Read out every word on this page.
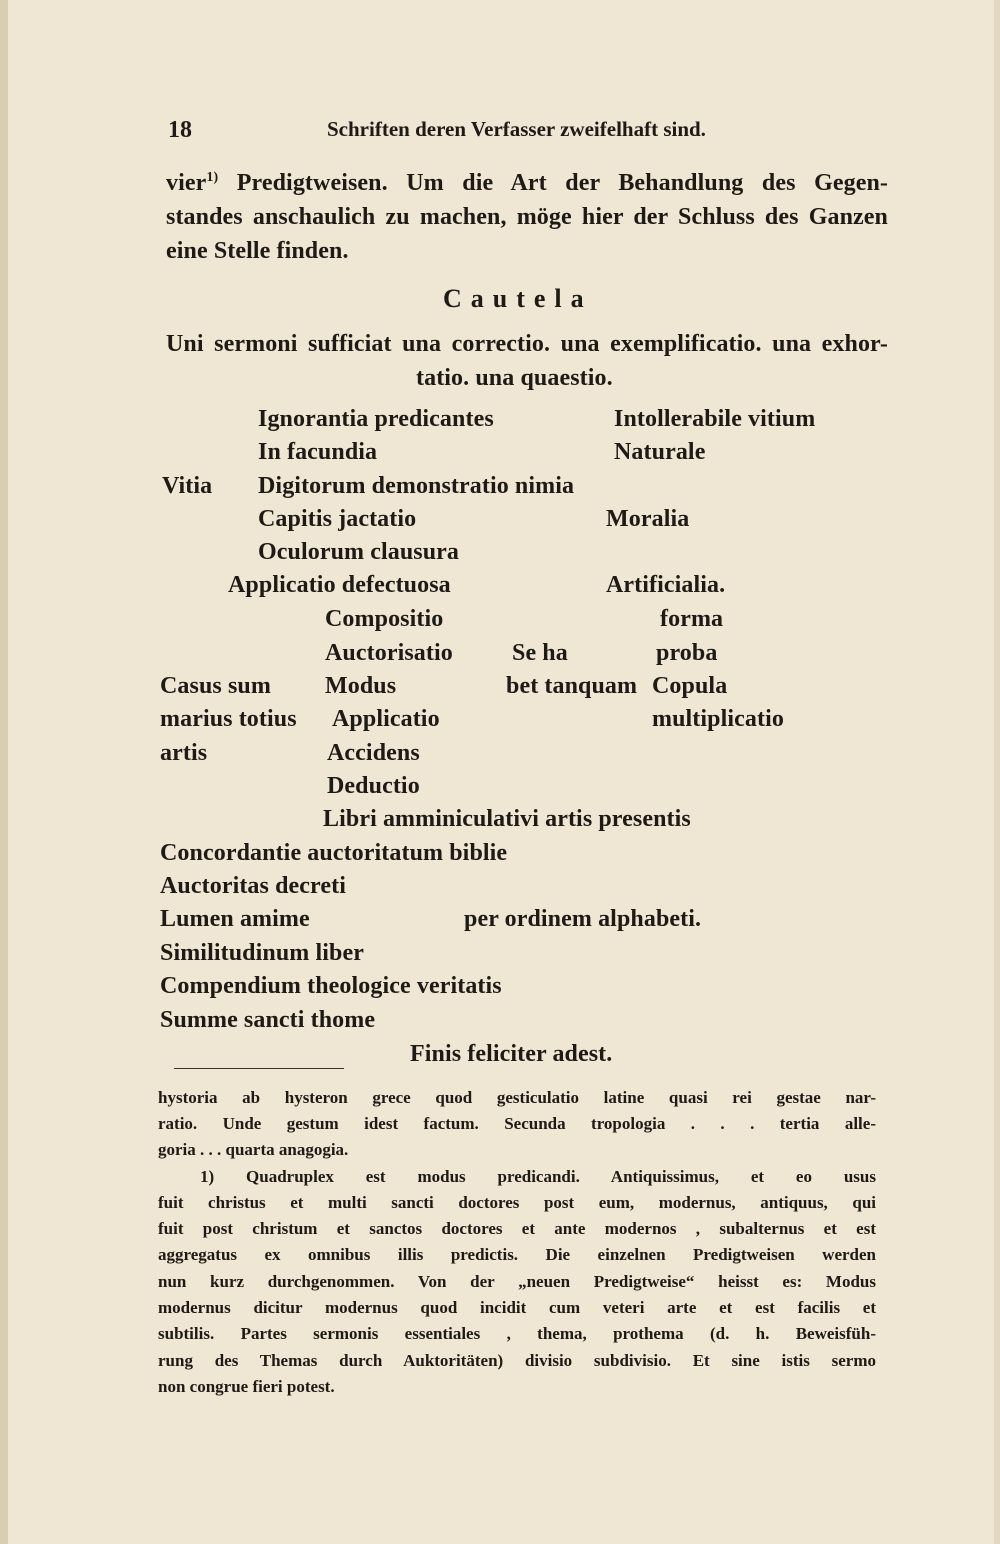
18	Schriften deren Verfasser zweifelhaft sind.
vier$^{1)}$ Predigtweisen. Um die Art der Behandlung des Gegen-
standes anschaulich zu machen, möge hier der Schluss des Ganzen
eine Stelle finden.
Cautela
Uni sermoni sufficiat una correctio. una exemplificatio. una exhor-
tatio. una quaestio.
Vitia
Ignorantia predicantes
In facundia
Digitorum demonstratio nimia
Capitis jactatio
Oculorum clausura
Applicatio defectuosa
Intollerabile vitium
Naturale
Moralia
Artificialia.
Casus sum
marius totius
artis
Compositio
Auctorisatio
Modus
Applicatio
Accidens
Deductio
Se ha
bet tanquam
forma
proba
Copula
multiplicatio
Libri amminiculativi artis presentis
Concordantie auctoritatum biblie
Auctoritas decreti
Lumen amime
Similitudinum liber
Compendium theologice veritatis
Summe sancti thome
per ordinem alphabeti.
Finis feliciter adest.
hystoria ab hysteron grece quod gesticulatio latine quasi rei gestae nar-
ratio. Unde gestum idest factum. Secunda tropologia . . . tertia alle-
goria . . . quarta anagogia.
1) Quadruplex est modus predicandi. Antiquissimus, et eo usus
fuit christus et multi sancti doctores post eum, modernus, antiquus, qui
fuit post christum et sanctos doctores et ante modernos , subalternus et est
aggregatus ex omnibus illis predictis. Die einzelnen Predigtweisen werden
nun kurz durchgenommen. Von der „neuen Predigtweise“ heisst es: Modus
modernus dicitur modernus quod incidit cum veteri arte et est facilis et
subtilis. Partes sermonis essentiales , thema, prothema (d. h. Beweisfüh-
rung des Themas durch Auktoritäten) divisio subdivisio. Et sine istis sermo
non congrue fieri potest.
